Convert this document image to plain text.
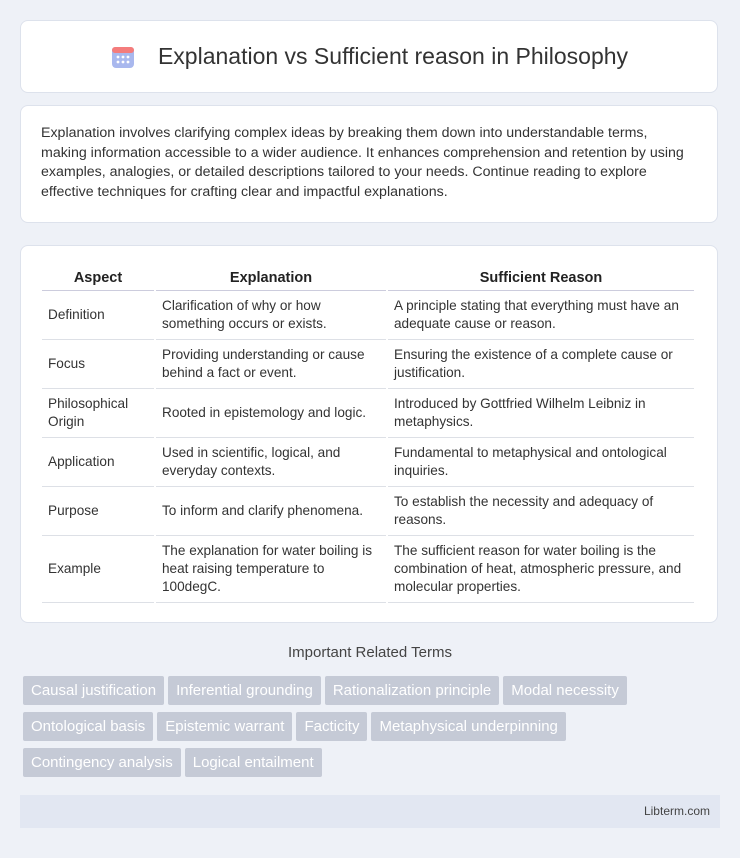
Explanation vs Sufficient reason in Philosophy

Explanation involves clarifying complex ideas by breaking them down into understandable terms, making information accessible to a wider audience. It enhances comprehension and retention by using examples, analogies, or detailed descriptions tailored to your needs. Continue reading to explore effective techniques for crafting clear and impactful explanations.

Aspect	Explanation	Sufficient Reason
Definition	Clarification of why or how something occurs or exists.	A principle stating that everything must have an adequate cause or reason.
Focus	Providing understanding or cause behind a fact or event.	Ensuring the existence of a complete cause or justification.
Philosophical Origin	Rooted in epistemology and logic.	Introduced by Gottfried Wilhelm Leibniz in metaphysics.
Application	Used in scientific, logical, and everyday contexts.	Fundamental to metaphysical and ontological inquiries.
Purpose	To inform and clarify phenomena.	To establish the necessity and adequacy of reasons.
Example	The explanation for water boiling is heat raising temperature to 100degC.	The sufficient reason for water boiling is the combination of heat, atmospheric pressure, and molecular properties.
Important Related Terms
Causal justification Inferential grounding Rationalization principle Modal necessity
Ontological basis Epistemic warrant Facticity Metaphysical underpinning
Contingency analysis Logical entailment
Libterm.com
